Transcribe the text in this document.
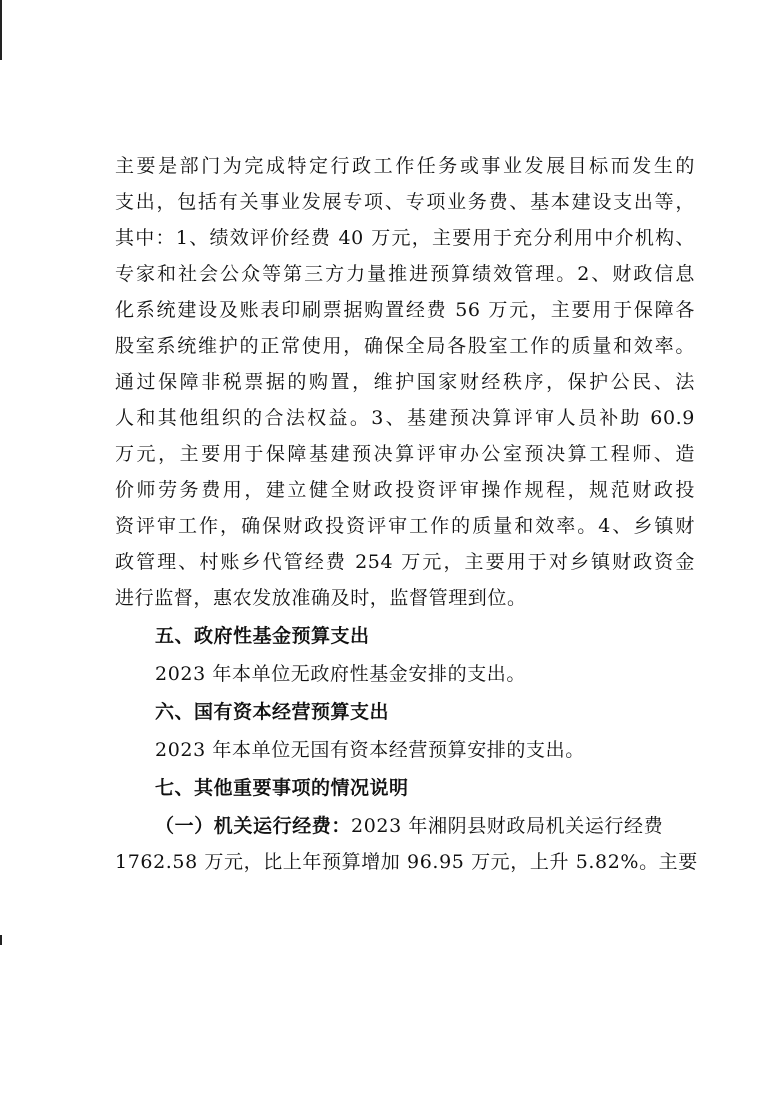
主要是部门为完成特定行政工作任务或事业发展目标而发生的
支出，包括有关事业发展专项、专项业务费、基本建设支出等，
其中：1、绩效评价经费 40 万元，主要用于充分利用中介机构、
专家和社会公众等第三方力量推进预算绩效管理。2、财政信息
化系统建设及账表印刷票据购置经费 56 万元，主要用于保障各
股室系统维护的正常使用，确保全局各股室工作的质量和效率。
通过保障非税票据的购置，维护国家财经秩序，保护公民、法
人和其他组织的合法权益。3、基建预决算评审人员补助 60.9
万元，主要用于保障基建预决算评审办公室预决算工程师、造
价师劳务费用，建立健全财政投资评审操作规程，规范财政投
资评审工作，确保财政投资评审工作的质量和效率。4、乡镇财
政管理、村账乡代管经费 254 万元，主要用于对乡镇财政资金
进行监督，惠农发放准确及时，监督管理到位。
五、政府性基金预算支出
2023 年本单位无政府性基金安排的支出。
六、国有资本经营预算支出
2023 年本单位无国有资本经营预算安排的支出。
七、其他重要事项的情况说明
（一）机关运行经费：2023 年湘阴县财政局机关运行经费
1762.58 万元，比上年预算增加 96.95 万元，上升 5.82%。主要
